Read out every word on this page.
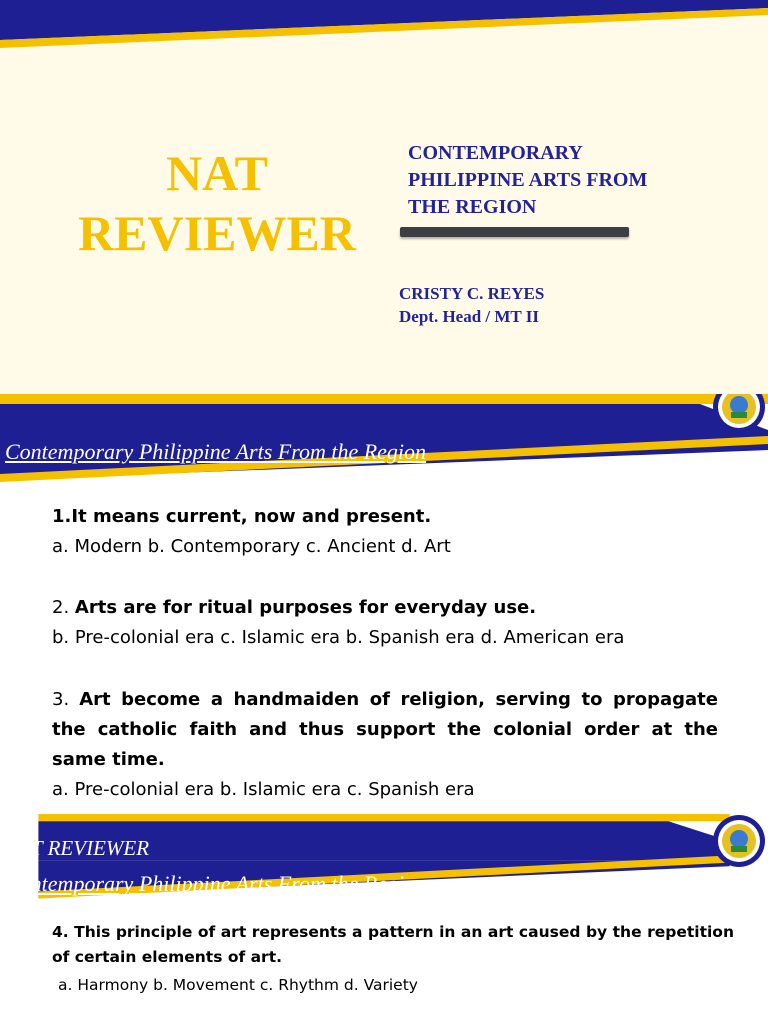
NAT
REVIEWER
CONTEMPORARY
PHILIPPINE ARTS FROM
THE REGION
CRISTY C. REYES
Dept. Head / MT II
Contemporary Philippine Arts From the Region
1.It means current, now and present.
a. Modern b. Contemporary c. Ancient d. Art
2. Arts are for ritual purposes for everyday use.
b. Pre-colonial era c. Islamic era b. Spanish era d. American era
3. Art become a handmaiden of religion, serving to propagate the catholic faith and thus support the colonial order at the same time.
a. Pre-colonial era b. Islamic era c. Spanish era
NAT REVIEWER
Contemporary Philippine Arts From the Region
4. This principle of art represents a pattern in an art caused by the repetition of certain elements of art.
a. Harmony b. Movement c. Rhythm d. Variety
